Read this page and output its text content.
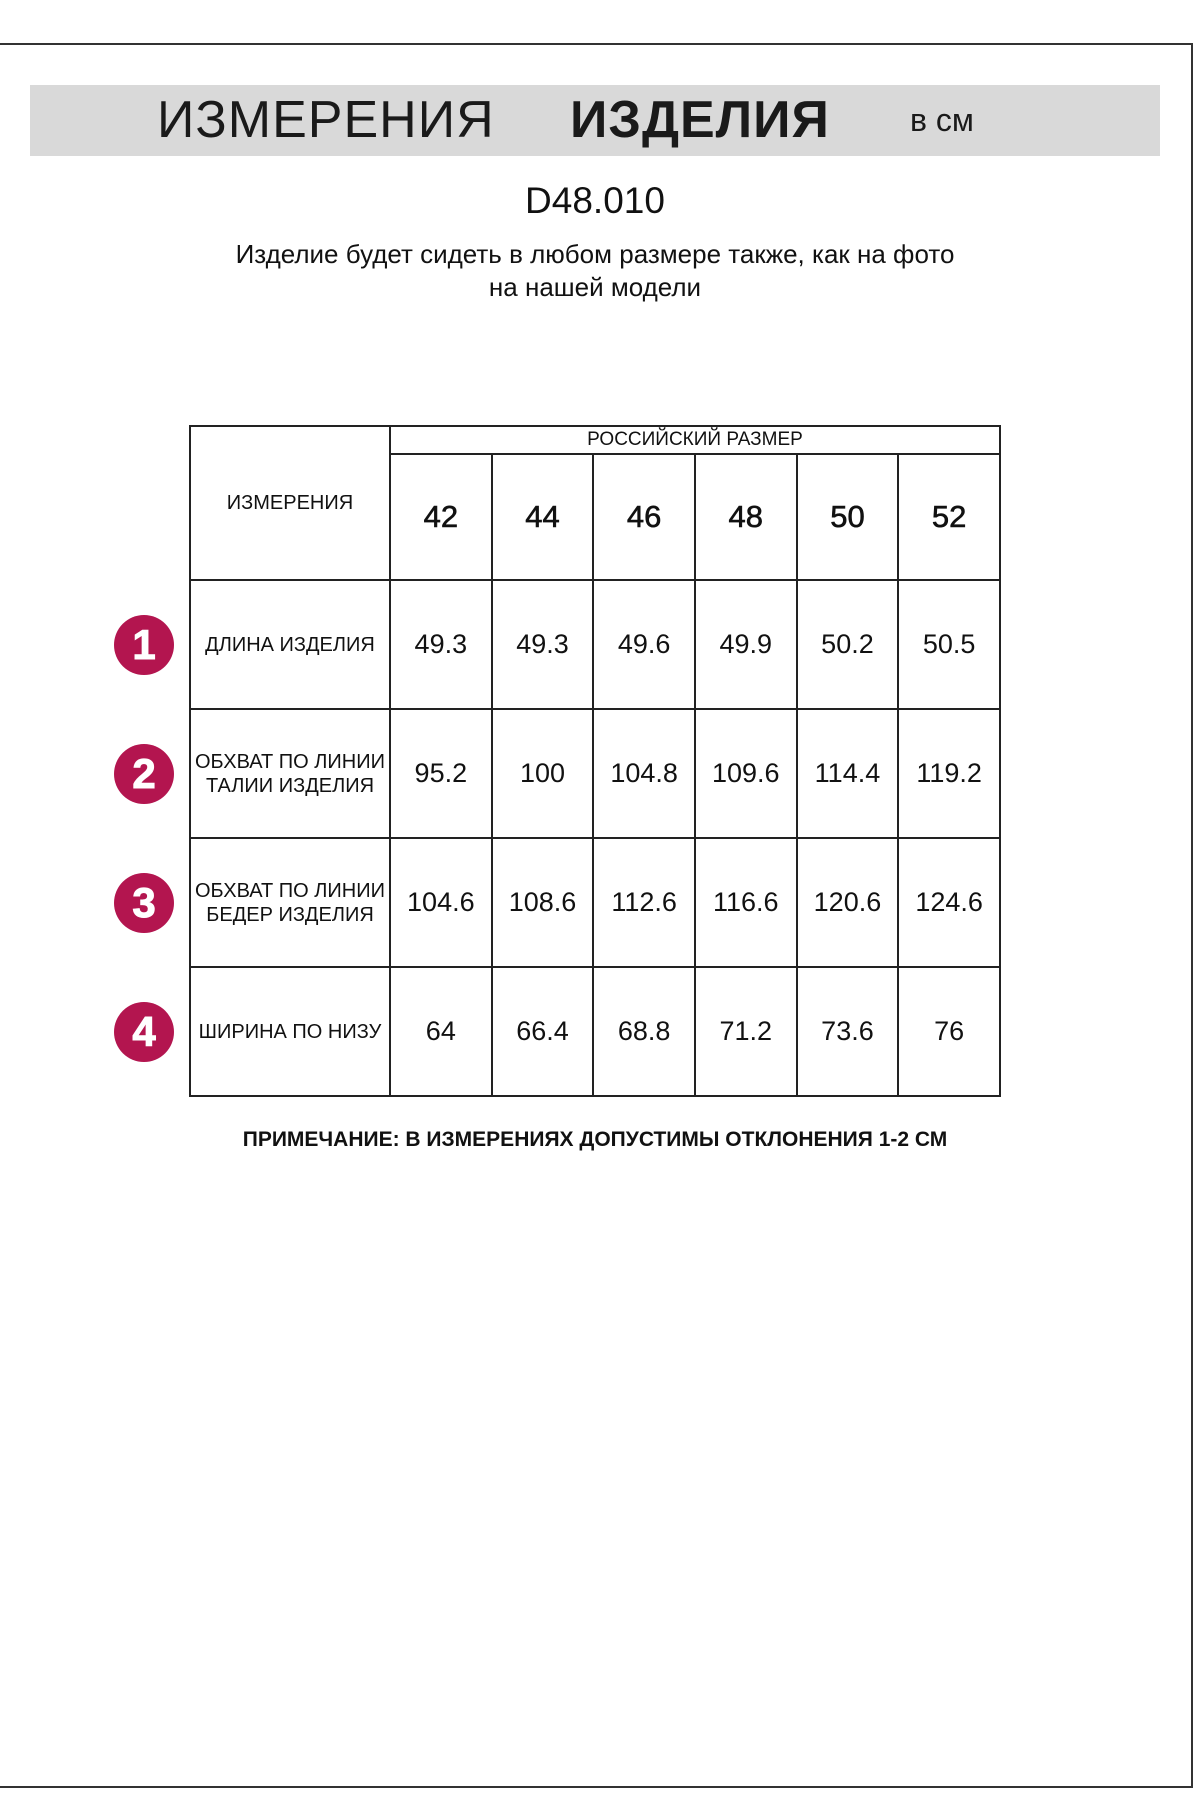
ИЗМЕРЕНИЯ ИЗДЕЛИЯ	в см
D48.010
Изделие будет сидеть в любом размере также, как на фото
на нашей модели
ИЗМЕРЕНИЯ	РОССИЙСКИЙ РАЗМЕР					
	42	44	46	48	50	52
ДЛИНА ИЗДЕЛИЯ	49.3	49.3	49.6	49.9	50.2	50.5
ОБХВАТ ПО ЛИНИИ ТАЛИИ ИЗДЕЛИЯ	95.2	100	104.8	109.6	114.4	119.2
ОБХВАТ ПО ЛИНИИ БЕДЕР ИЗДЕЛИЯ	104.6	108.6	112.6	116.6	120.6	124.6
ШИРИНА ПО НИЗУ	64	66.4	68.8	71.2	73.6	76
1
2
3
4
ПРИМЕЧАНИЕ: В ИЗМЕРЕНИЯХ ДОПУСТИМЫ ОТКЛОНЕНИЯ 1-2 СМ
